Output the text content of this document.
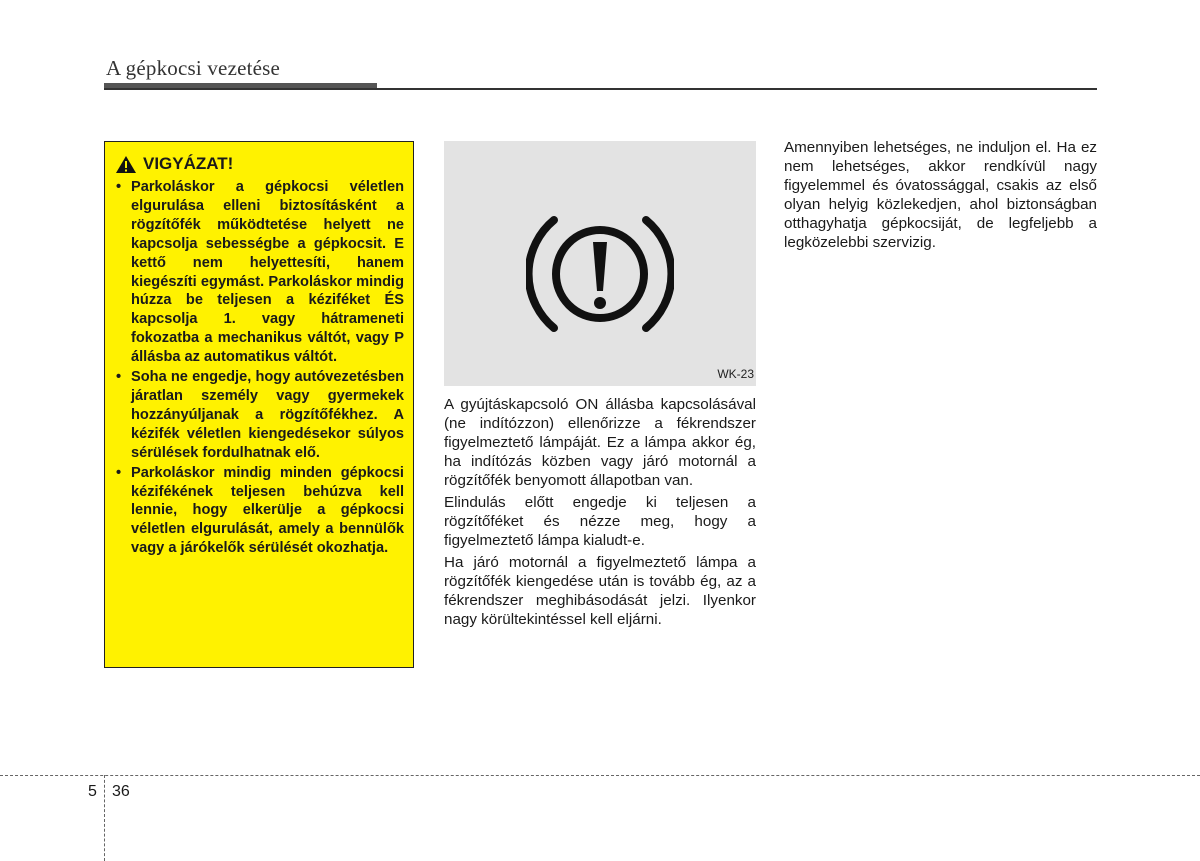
A gépkocsi vezetése
VIGYÁZAT!
• Parkoláskor a gépkocsi véletlen elgurulása elleni biztosításként a rögzítőfék működtetése helyett ne kapcsolja sebességbe a gépkocsit. E kettő nem helyettesíti, hanem kiegészíti egymást. Parkoláskor mindig húzza be teljesen a kéziféket ÉS kapcsolja 1. vagy hátrameneti fokozatba a mechanikus váltót, vagy P állásba az automatikus váltót.
• Soha ne engedje, hogy autóvezetésben járatlan személy vagy gyermekek hozzányúljanak a rögzítőfékhez. A kézifék véletlen kiengedésekor súlyos sérülések fordulhatnak elő.
• Parkoláskor mindig minden gépkocsi kézifékének teljesen behúzva kell lennie, hogy elkerülje a gépkocsi véletlen elgurulását, amely a bennülők vagy a járókelők sérülését okozhatja.
WK-23

A gyújtáskapcsoló ON állásba kapcsolásával (ne indítózzon) ellenőrizze a fékrendszer figyelmeztető lámpáját. Ez a lámpa akkor ég, ha indítózás közben vagy járó motornál a rögzítőfék benyomott állapotban van.

Elindulás előtt engedje ki teljesen a rögzítőféket és nézze meg, hogy a figyelmeztető lámpa kialudt-e.

Ha járó motornál a figyelmeztető lámpa a rögzítőfék kiengedése után is tovább ég, az a fékrendszer meghibásodását jelzi. Ilyenkor nagy körültekintéssel kell eljárni.

Amennyiben lehetséges, ne induljon el. Ha ez nem lehetséges, akkor rendkívül nagy figyelemmel és óvatossággal, csakis az első olyan helyig közlekedjen, ahol biztonságban otthagyhatja gépkocsiját, de legfeljebb a legközelebbi szervizig.

5 36
